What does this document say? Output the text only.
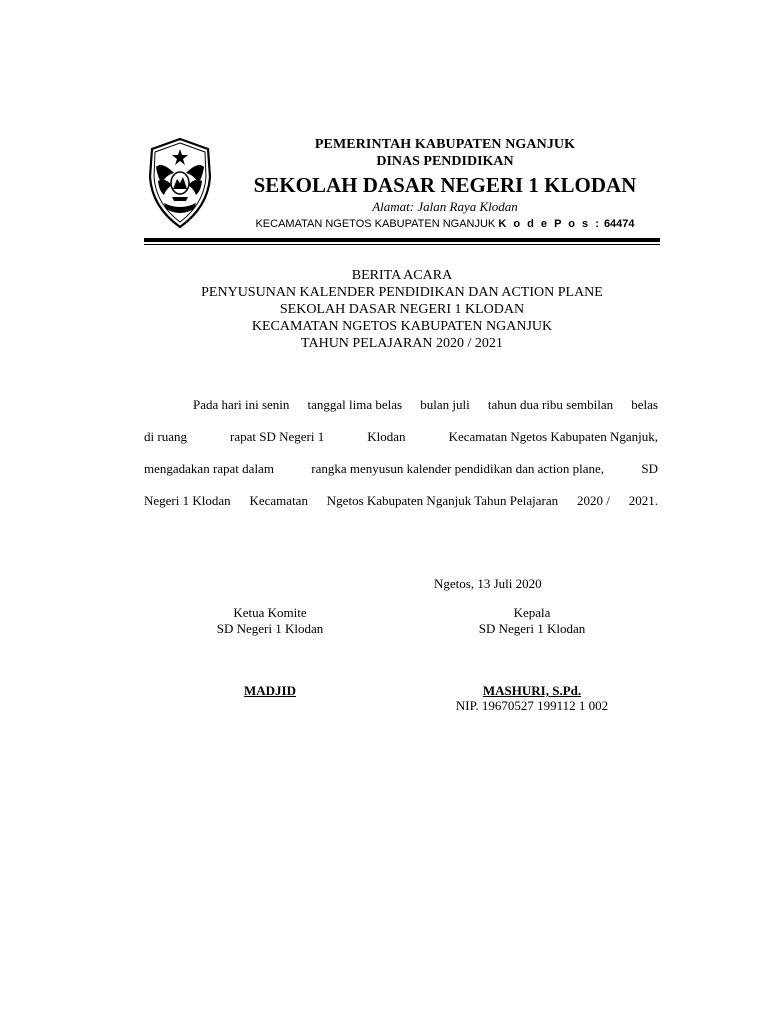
PEMERINTAH KABUPATEN NGANJUK
DINAS PENDIDIKAN
SEKOLAH DASAR NEGERI 1 KLODAN
Alamat: Jalan Raya Klodan
KECAMATAN NGETOS KABUPATEN NGANJUK K o d e P o s : 64474
BERITA ACARA
PENYUSUNAN KALENDER PENDIDIKAN DAN ACTION PLANE
SEKOLAH DASAR NEGERI 1 KLODAN
KECAMATAN NGETOS KABUPATEN NGANJUK
TAHUN PELAJARAN 2020 / 2021
Pada hari ini senin tanggal lima belas bulan juli tahun dua ribu sembilan belas
di ruang	rapat SD Negeri 1	Klodan	Kecamatan Ngetos Kabupaten Nganjuk,
mengadakan rapat dalam	rangka menyusun kalender pendidikan dan action plane,	SD
Negeri 1 Klodan Kecamatan Ngetos Kabupaten Nganjuk Tahun Pelajaran 2020 / 2021.
Ngetos, 13 Juli 2020
Ketua Komite
SD Negeri 1 Klodan
Kepala
SD Negeri 1 Klodan
MADJID	MASHURI, S.Pd.
NIP. 19670527 199112 1 002
